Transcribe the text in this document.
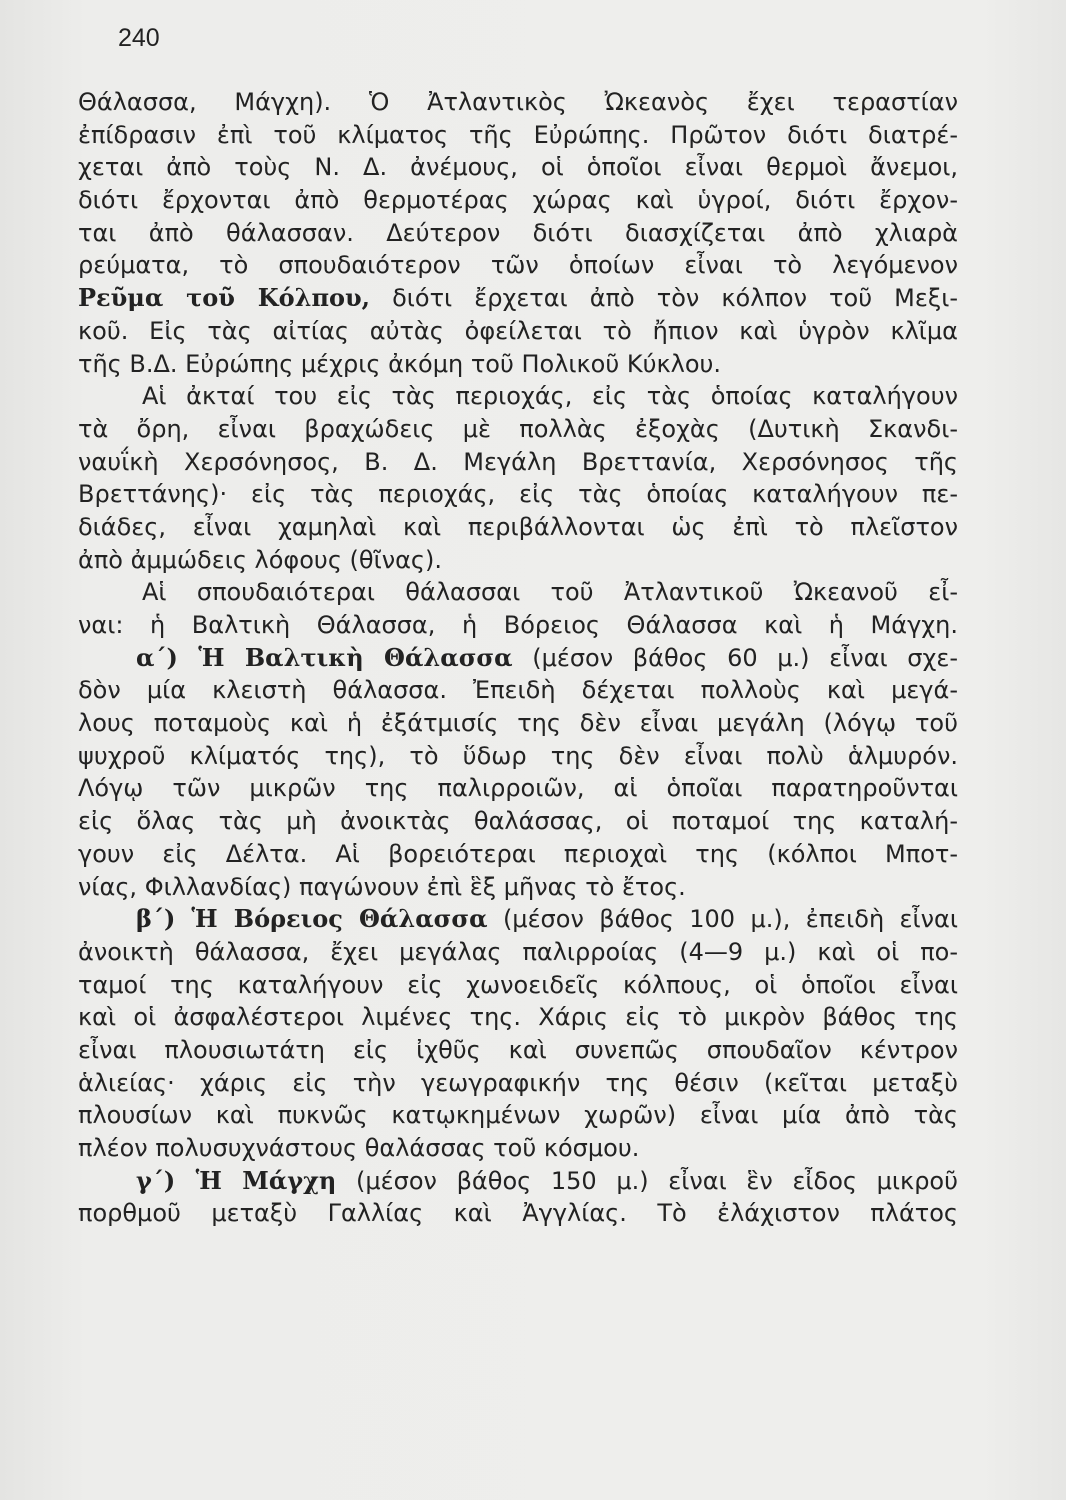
240
Θάλασσα, Μάγχη). Ὁ Ἀτλαντικὸς Ὠκεανὸς ἔχει τεραστίαν
ἐπίδρασιν ἐπὶ τοῦ κλίματος τῆς Εὐρώπης. Πρῶτον διότι διατρέ-
χεται ἀπὸ τοὺς Ν. Δ. ἀνέμους, οἱ ὁποῖοι εἶναι θερμοὶ ἄνεμοι,
διότι ἔρχονται ἀπὸ θερμοτέρας χώρας καὶ ὑγροί, διότι ἔρχον-
ται ἀπὸ θάλασσαν. Δεύτερον διότι διασχίζεται ἀπὸ χλιαρὰ
ρεύματα, τὸ σπουδαιότερον τῶν ὁποίων εἶναι τὸ λεγόμενον
Ρεῦμα τοῦ Κόλπου, διότι ἔρχεται ἀπὸ τὸν κόλπον τοῦ Μεξι-
κοῦ. Εἰς τὰς αἰτίας αὐτὰς ὀφείλεται τὸ ἤπιον καὶ ὑγρὸν κλῖμα
τῆς Β.Δ. Εὐρώπης μέχρις ἀκόμη τοῦ Πολικοῦ Κύκλου.
Αἱ ἀκταί του εἰς τὰς περιοχάς, εἰς τὰς ὁποίας καταλήγουν
τὰ ὄρη, εἶναι βραχώδεις μὲ πολλὰς ἐξοχὰς (Δυτικὴ Σκανδι-
ναυΐκὴ Χερσόνησος, Β. Δ. Μεγάλη Βρεττανία, Χερσόνησος τῆς
Βρεττάνης)· εἰς τὰς περιοχάς, εἰς τὰς ὁποίας καταλήγουν πε-
διάδες, εἶναι χαμηλαὶ καὶ περιβάλλονται ὡς ἐπὶ τὸ πλεῖστον
ἀπὸ ἀμμώδεις λόφους (θῖνας).
Αἱ σπουδαιότεραι θάλασσαι τοῦ Ἀτλαντικοῦ Ὠκεανοῦ εἶ-
ναι: ἡ Βαλτικὴ Θάλασσα, ἡ Βόρειος Θάλασσα καὶ ἡ Μάγχη.
α΄) Ἡ Βαλτικὴ Θάλασσα (μέσον βάθος 60 μ.) εἶναι σχε-
δὸν μία κλειστὴ θάλασσα. Ἐπειδὴ δέχεται πολλοὺς καὶ μεγά-
λους ποταμοὺς καὶ ἡ ἐξάτμισίς της δὲν εἶναι μεγάλη (λόγῳ τοῦ
ψυχροῦ κλίματός της), τὸ ὕδωρ της δὲν εἶναι πολὺ ἁλμυρόν.
Λόγῳ τῶν μικρῶν της παλιρροιῶν, αἱ ὁποῖαι παρατηροῦνται
εἰς ὅλας τὰς μὴ ἀνοικτὰς θαλάσσας, οἱ ποταμοί της καταλή-
γουν εἰς Δέλτα. Αἱ βορειότεραι περιοχαὶ της (κόλποι Μποτ-
νίας, Φιλλανδίας) παγώνουν ἐπὶ ἓξ μῆνας τὸ ἔτος.
β΄) Ἡ Βόρειος Θάλασσα (μέσον βάθος 100 μ.), ἐπειδὴ εἶναι
ἀνοικτὴ θάλασσα, ἔχει μεγάλας παλιρροίας (4—9 μ.) καὶ οἱ πο-
ταμοί της καταλήγουν εἰς χωνοειδεῖς κόλπους, οἱ ὁποῖοι εἶναι
καὶ οἱ ἀσφαλέστεροι λιμένες της. Χάρις εἰς τὸ μικρὸν βάθος της
εἶναι πλουσιωτάτη εἰς ἰχθῦς καὶ συνεπῶς σπουδαῖον κέντρον
ἁλιείας· χάρις εἰς τὴν γεωγραφικήν της θέσιν (κεῖται μεταξὺ
πλουσίων καὶ πυκνῶς κατῳκημένων χωρῶν) εἶναι μία ἀπὸ τὰς
πλέον πολυσυχνάστους θαλάσσας τοῦ κόσμου.
γ΄) Ἡ Μάγχη (μέσον βάθος 150 μ.) εἶναι ἓν εἶδος μικροῦ
πορθμοῦ μεταξὺ Γαλλίας καὶ Ἀγγλίας. Τὸ ἐλάχιστον πλάτος
